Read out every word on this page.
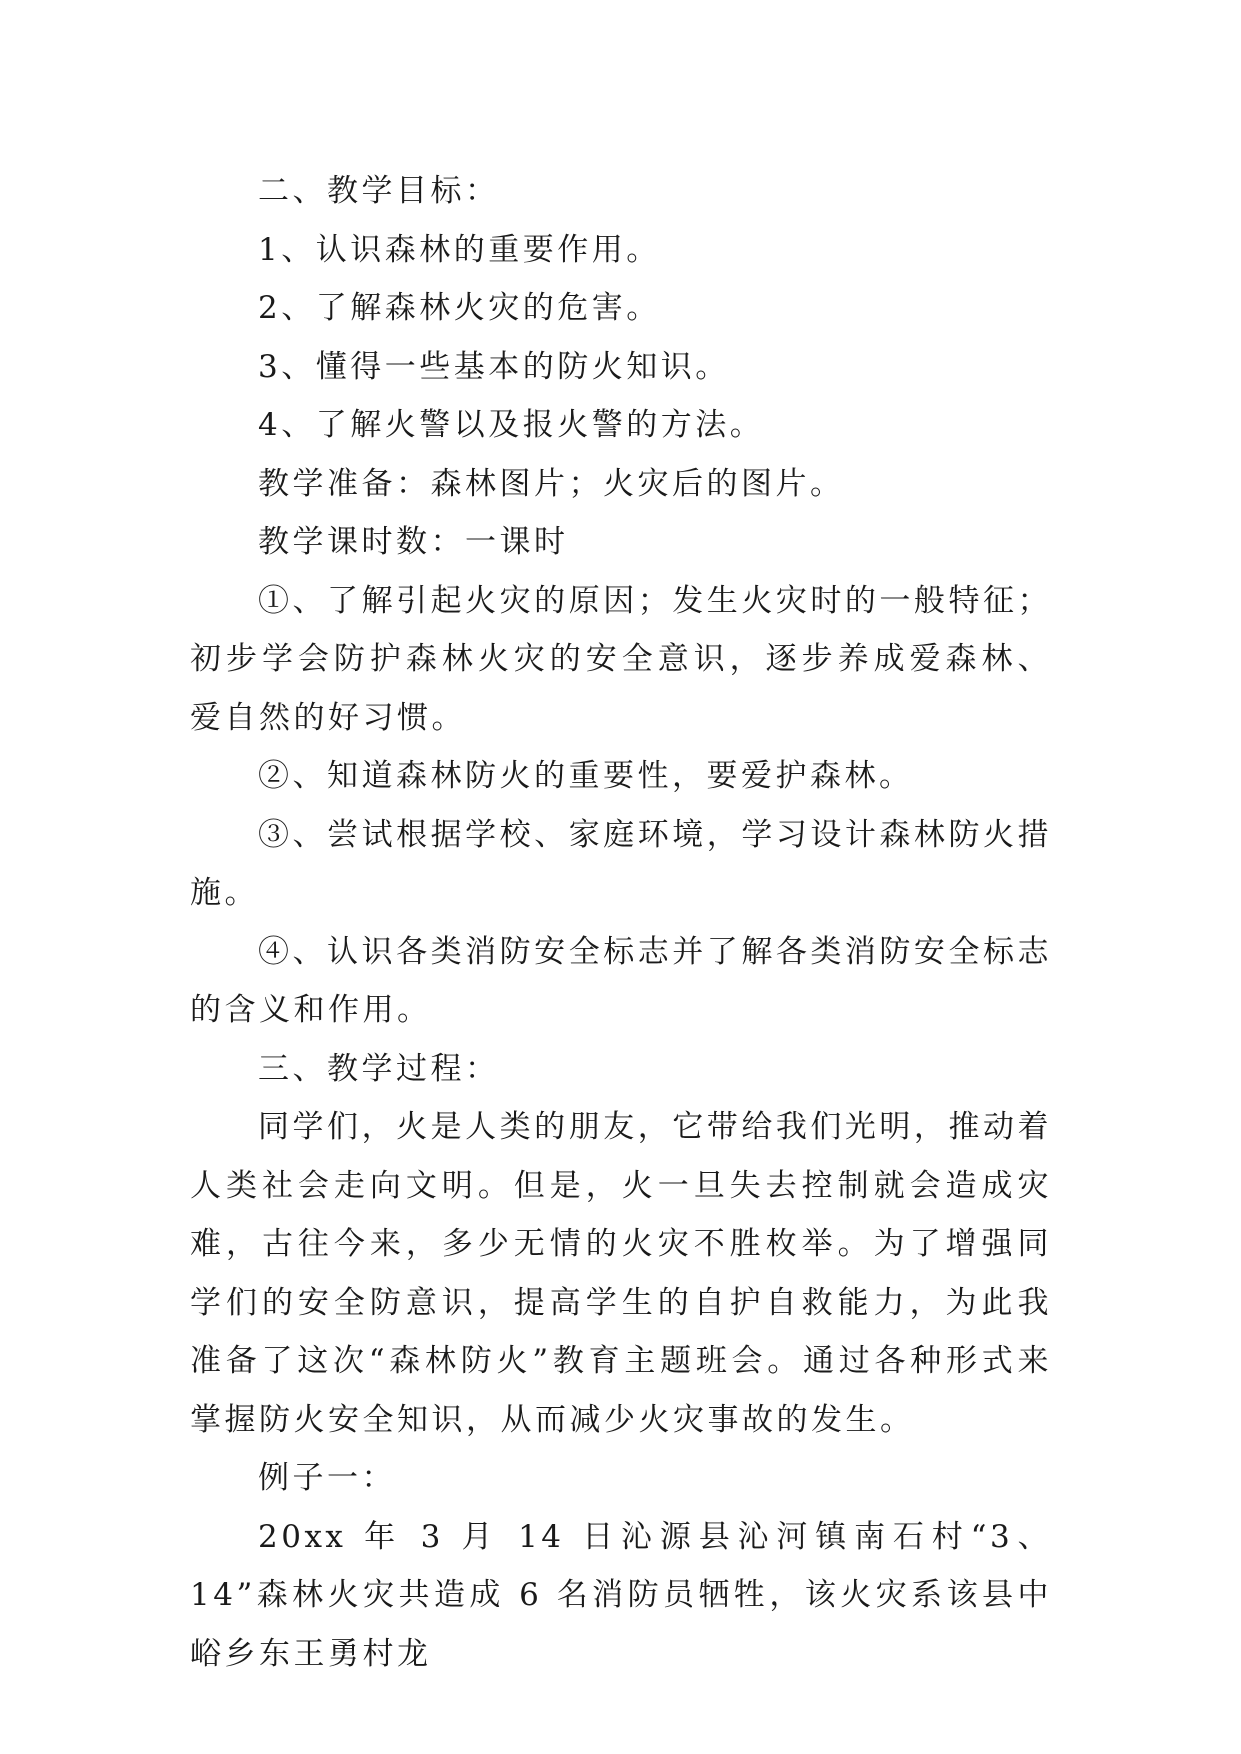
二、教学目标：

1、认识森林的重要作用。

2、了解森林火灾的危害。

3、懂得一些基本的防火知识。

4、了解火警以及报火警的方法。

教学准备：森林图片；火灾后的图片。

教学课时数：一课时

①、了解引起火灾的原因；发生火灾时的一般特征；初步学会防护森林火灾的安全意识，逐步养成爱森林、爱自然的好习惯。

②、知道森林防火的重要性，要爱护森林。

③、尝试根据学校、家庭环境，学习设计森林防火措施。

④、认识各类消防安全标志并了解各类消防安全标志的含义和作用。

三、教学过程：

同学们，火是人类的朋友，它带给我们光明，推动着人类社会走向文明。但是，火一旦失去控制就会造成灾难，古往今来，多少无情的火灾不胜枚举。为了增强同学们的安全防意识，提高学生的自护自救能力，为此我准备了这次“森林防火”教育主题班会。通过各种形式来掌握防火安全知识，从而减少火灾事故的发生。

例子一：

20xx 年 3 月 14 日沁源县沁河镇南石村“3、14”森林火灾共造成 6 名消防员牺牲，该火灾系该县中峪乡东王勇村龙
